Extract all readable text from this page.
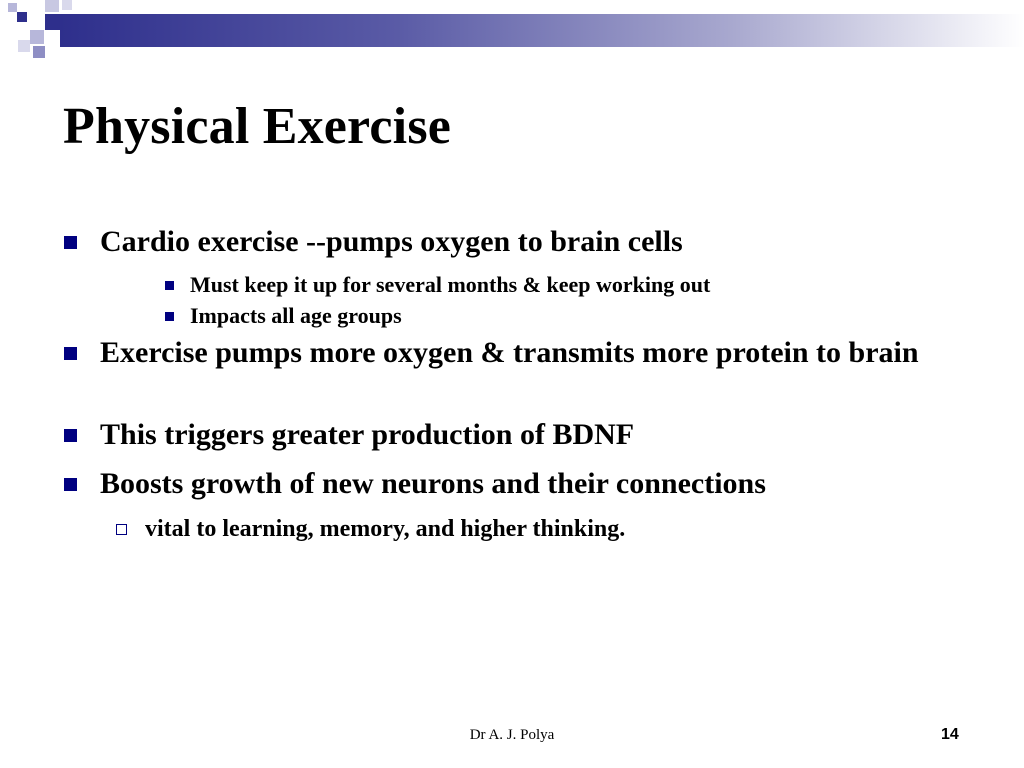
Physical Exercise
Cardio exercise --pumps oxygen to brain cells
Must keep it up for several months & keep working out
Impacts all age groups
Exercise pumps more oxygen & transmits more protein to brain
This triggers greater production of BDNF
Boosts growth of new neurons and their connections
vital to learning, memory, and higher thinking.
Dr A. J. Polya	14
